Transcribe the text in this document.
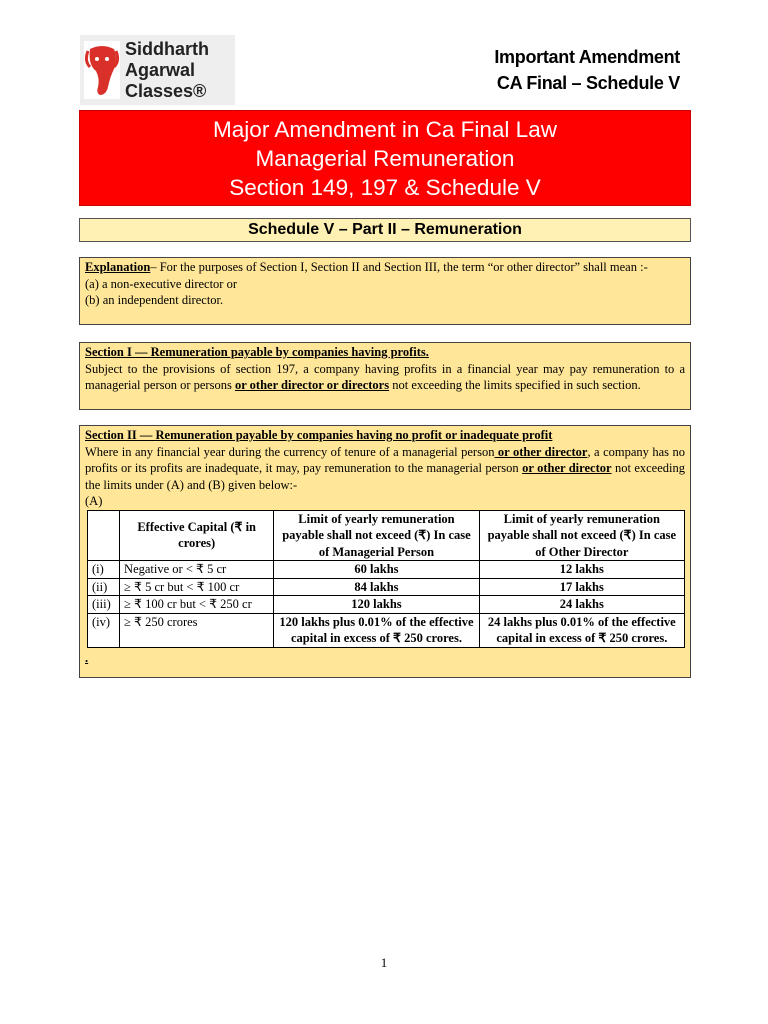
Siddharth
Agarwal
Classes®
Important Amendment
CA Final – Schedule V
Major Amendment in Ca Final Law
Managerial Remuneration
Section 149, 197 & Schedule V
Schedule V – Part II – Remuneration

Explanation– For the purposes of Section I, Section II and Section III, the term “or other director” shall mean :-

(a) a non-executive director or

(b) an independent director.

Section I — Remuneration payable by companies having profits.

Subject to the provisions of section 197, a company having profits in a financial year may pay remuneration to a managerial person or persons or other director or directors not exceeding the limits specified in such section.

Section II — Remuneration payable by companies having no profit or inadequate profit

Where in any financial year during the currency of tenure of a managerial person or other director, a company has no profits or its profits are inadequate, it may, pay remuneration to the managerial person or other director not exceeding the limits under (A) and (B) given below:-

(A)

	Effective Capital (₹ in crores)	Limit of yearly remuneration payable shall not exceed (₹) In case of Managerial Person	Limit of yearly remuneration payable shall not exceed (₹) In case of Other Director
(i)	Negative or < ₹ 5 cr	60 lakhs	12 lakhs
(ii)	≥ ₹ 5 cr but < ₹ 100 cr	84 lakhs	17 lakhs
(iii)	≥ ₹ 100 cr but < ₹ 250 cr	120 lakhs	24 lakhs
(iv)	≥ ₹ 250 crores	120 lakhs plus 0.01% of the effective capital in excess of ₹ 250 crores.	24 lakhs plus 0.01% of the effective capital in excess of ₹ 250 crores.

.

1
